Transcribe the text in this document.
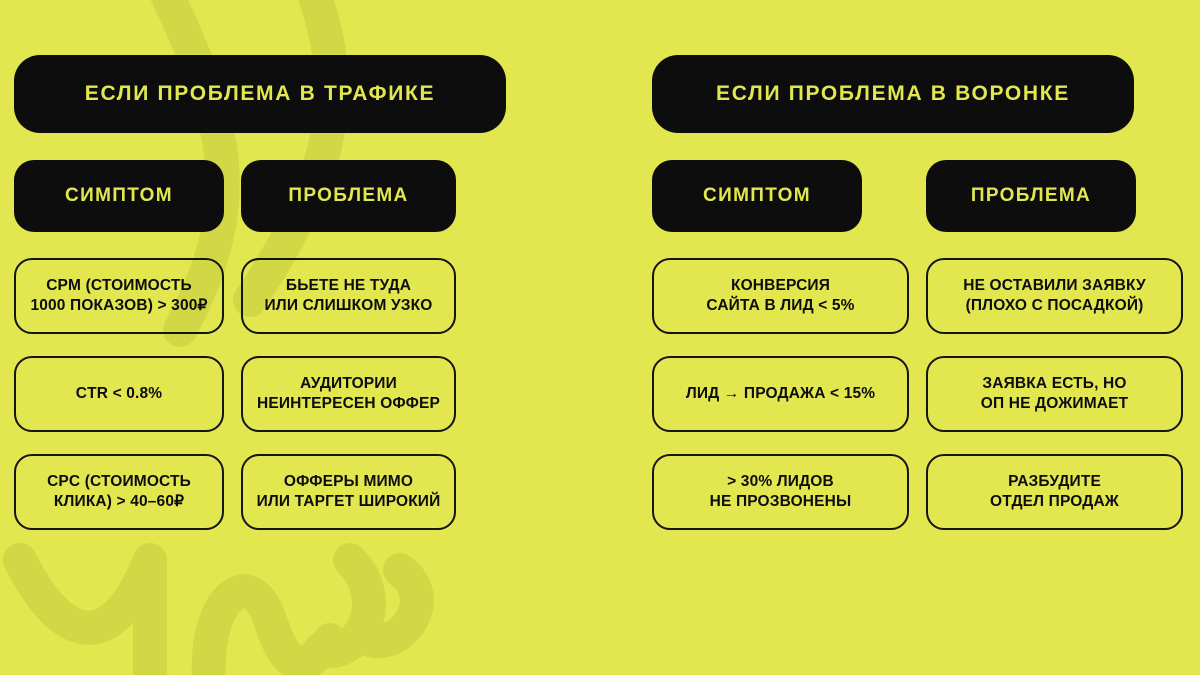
ЕСЛИ ПРОБЛЕМА В ТРАФИКЕ
СИМПТОМ
CPM (СТОИМОСТЬ
1000 ПОКАЗОВ) > 300₽
CTR < 0.8%
CPC (СТОИМОСТЬ
КЛИКА) > 40–60₽
ПРОБЛЕМА
БЬЕТЕ НЕ ТУДА
ИЛИ СЛИШКОМ УЗКО
АУДИТОРИИ
НЕИНТЕРЕСЕН ОФФЕР
ОФФЕРЫ МИМО
ИЛИ ТАРГЕТ ШИРОКИЙ
ЕСЛИ ПРОБЛЕМА В ВОРОНКЕ
СИМПТОМ
КОНВЕРСИЯ
САЙТА В ЛИД < 5%
ЛИД → ПРОДАЖА < 15%
> 30% ЛИДОВ
НЕ ПРОЗВОНЕНЫ
ПРОБЛЕМА
НЕ ОСТАВИЛИ ЗАЯВКУ
(ПЛОХО С ПОСАДКОЙ)
ЗАЯВКА ЕСТЬ, НО
ОП НЕ ДОЖИМАЕТ
РАЗБУДИТЕ
ОТДЕЛ ПРОДАЖ
